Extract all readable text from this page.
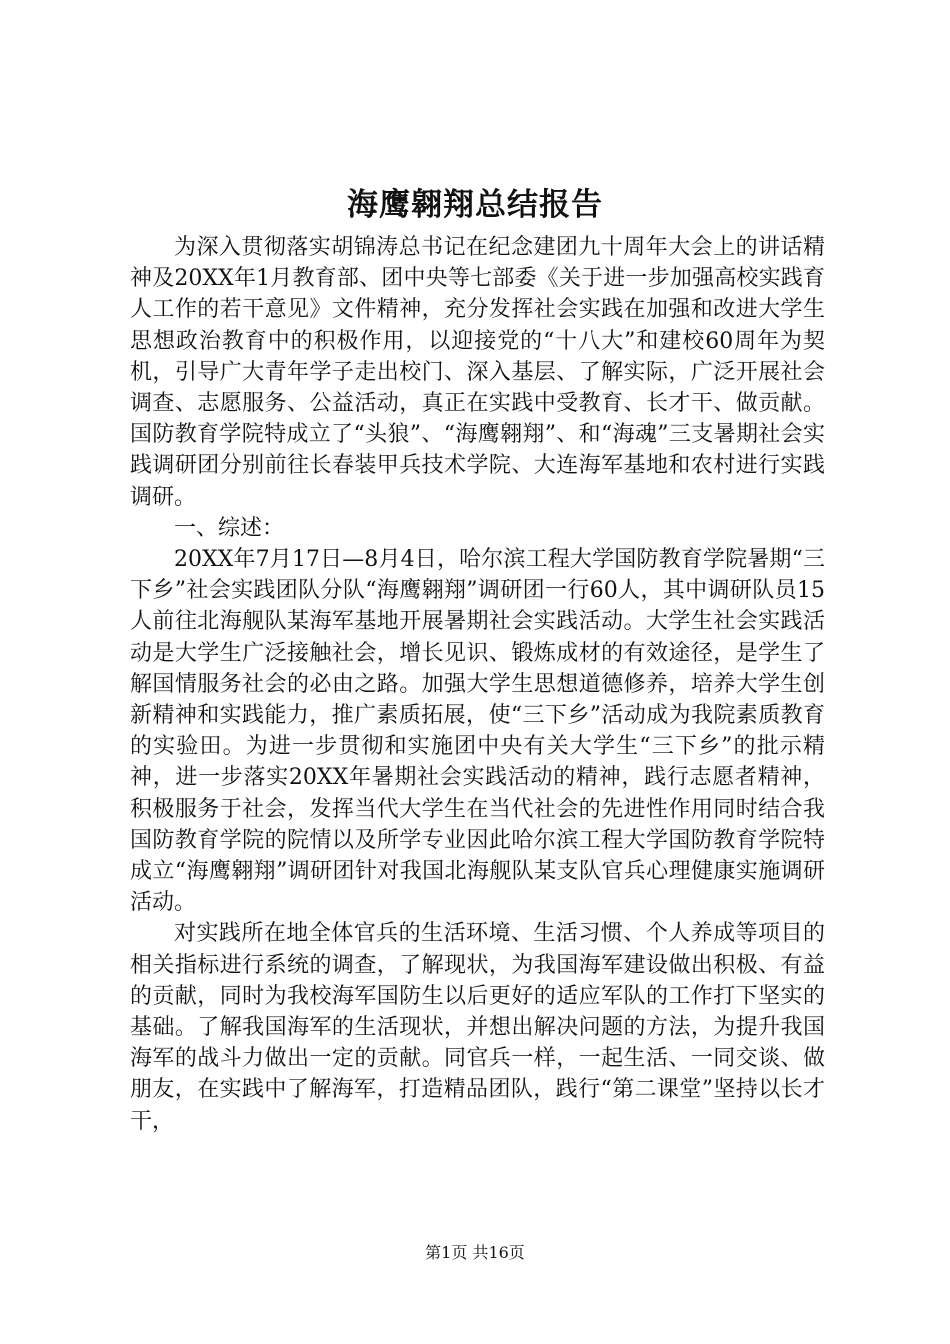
海鹰翱翔总结报告

为深入贯彻落实胡锦涛总书记在纪念建团九十周年大会上的讲话精神及20XX年1月教育部、团中央等七部委《关于进一步加强高校实践育人工作的若干意见》文件精神，充分发挥社会实践在加强和改进大学生思想政治教育中的积极作用，以迎接党的“十八大”和建校60周年为契机，引导广大青年学子走出校门、深入基层、了解实际，广泛开展社会调查、志愿服务、公益活动，真正在实践中受教育、长才干、做贡献。国防教育学院特成立了“头狼”、“海鹰翱翔”、和“海魂”三支暑期社会实践调研团分别前往长春装甲兵技术学院、大连海军基地和农村进行实践调研。

一、综述：

20XX年7月17日—8月4日，哈尔滨工程大学国防教育学院暑期“三下乡”社会实践团队分队“海鹰翱翔”调研团一行60人，其中调研队员15人前往北海舰队某海军基地开展暑期社会实践活动。大学生社会实践活动是大学生广泛接触社会，增长见识、锻炼成材的有效途径，是学生了解国情服务社会的必由之路。加强大学生思想道德修养，培养大学生创新精神和实践能力，推广素质拓展，使“三下乡”活动成为我院素质教育的实验田。为进一步贯彻和实施团中央有关大学生“三下乡”的批示精神，进一步落实20XX年暑期社会实践活动的精神，践行志愿者精神，积极服务于社会，发挥当代大学生在当代社会的先进性作用同时结合我国防教育学院的院情以及所学专业因此哈尔滨工程大学国防教育学院特成立“海鹰翱翔”调研团针对我国北海舰队某支队官兵心理健康实施调研活动。

对实践所在地全体官兵的生活环境、生活习惯、个人养成等项目的相关指标进行系统的调查，了解现状，为我国海军建设做出积极、有益的贡献，同时为我校海军国防生以后更好的适应军队的工作打下坚实的基础。了解我国海军的生活现状，并想出解决问题的方法，为提升我国海军的战斗力做出一定的贡献。同官兵一样，一起生活、一同交谈、做朋友，在实践中了解海军，打造精品团队，践行“第二课堂”坚持以长才干，

第1页 共16页
